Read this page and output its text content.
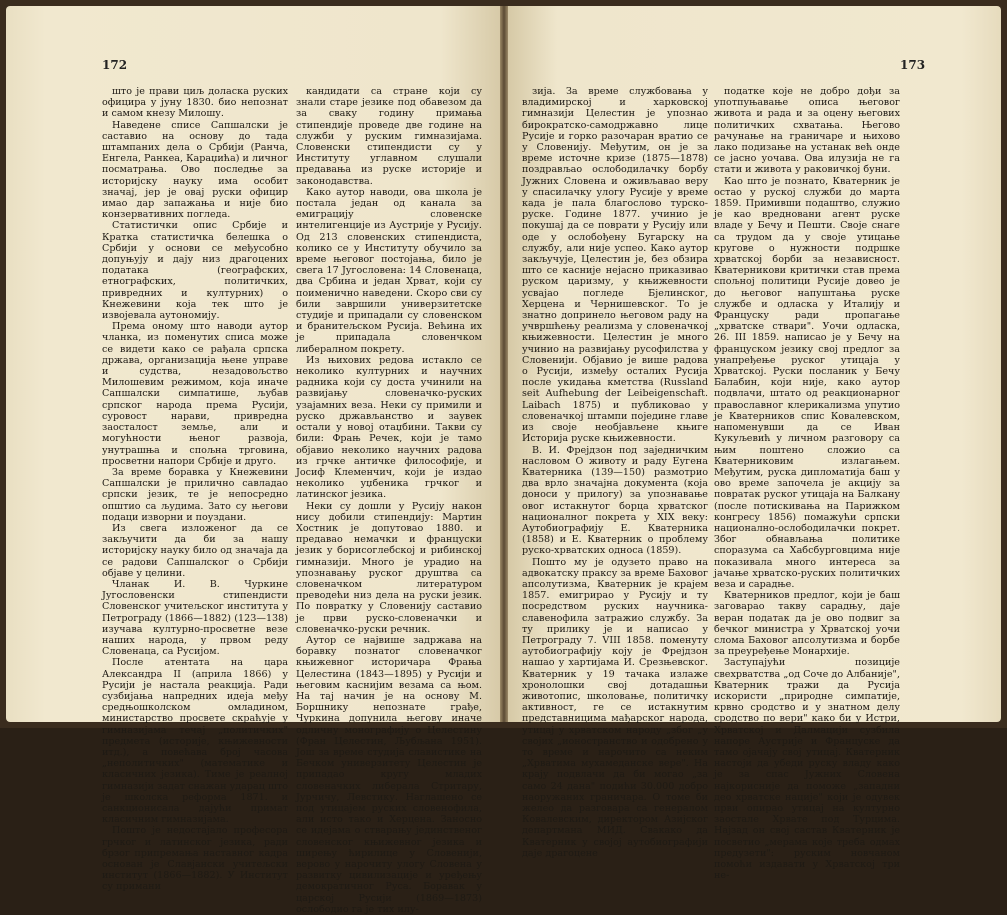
172

што је прави циљ доласка руских официра у јуну 1830. био непознат и самом кнезу Милошу.

Наведене списе Сапшалски је саставио на основу до тада штампаних дела о Србији (Ранча, Енгела, Ранкеа, Караџића) и личног посматрања. Ово последње за историјску науку има особит значај, јер је овај руски официр имао дар запажања и није био конзервативних погледа.

Статистички опис Србије и Кратка статистичка белешка о Србији у основи се међусобно допуњују и дају низ драгоцених података (географских, етнографских, политичких, привредних и културних) о Кнежевини која тек што је извојевала аутономију.

Према оному што наводи аутор чланка, из поменутих списа може се видети како се рађала српска држава, организација њене управе и судства, незадовољство Милошевим режимом, која иначе Сапшалски симпатише, љубав српског народа према Русији, суровост нарави, привредна заосталост земље, али и могућности њеног развоја, унутрашња и спољна трговина, просветни напори Србије и друго.

За време боравка у Кнежевини Сапшалски је прилично савладао српски језик, те је непосредно општио са људима. Зато су његови подаци изворни и поуздани.

Из свега изложеног да се закључити да би за нашу историјску науку било од значаја да се радови Сапшалског о Србији објаве у целини.

Чланак И. В. Чуркине Југословенски стипендисти Словенског учитељског института у Петрограду (1866—1882) (123—138) изучава културно-просветне везе наших народа, у првом реду Словенаца, са Русијом.

После атентата на цара Александра II (априла 1866) у Русији је настала реакција. Ради сузбијања напредних идеја међу средњошколском омладином, министарство просвете скраћује у гимназијама течај „политичких" предмета (историје, књижевности итд.), а повећава број часова „неполитичких" (математике и класичних језика). Тиме је реалној гимназији задат снажан ударац што је школска реформа 1871. и санкционисала дајући примат класичним гимназијама.

Пошто је недостајало професора грчког и латинског језика, ради брзог припремања наставног кадра основан је Славјански учитељски институт (1866—1882). У Институт су примани

кандидати са стране који су знали старе језике под обавезом да за сваку годину примања стипендије проведе две године на служби у руским гимназијама. Словенски стипендисти су у Институту углавном слушали предавања из руске историје и законодавства.

Како аутор наводи, ова школа је постала један од канала за емиграцију словенске интелигенције из Аустрије у Русију. Од 213 словенских стипендиста, колико се у Институту обучило за време његовог постојања, било је свега 17 Југословена: 14 Словенаца, два Србина и један Хрват, који су поименично наведени. Скоро сви су били завршили универзитетске студије и припадали су словенском и бранитељском Русија. Већина их је припадала словенчком либералном покрету.

Из њихових редова истакло се неколико културних и научних радника који су доста учинили на развијању словеначко-руских узајамних веза. Неки су примили и руско држављанство и заувек остали у новој отаџбини. Такви су били: Фрањ Речек, који је тамо објавио неколико научних радова из грчке античке философије, и Јосиф Клеменчич, који је издао неколико уџбеника грчког и латинског језика.

Неки су дошли у Русију након нису добили стипендију: Мартин Хостник је допутовао 1880. и предавао немачки и француски језик у борисоглебској и рибинској гимназији. Много је урадио на упознавању руског друштва са словеначком литературом преводећи низ дела на руски језик. По повратку у Словенију саставио је први руско-словеначки и словеначко-руски речник.

Аутор се највише задржава на боравку познатог словеначког књижевног историчара Фрања Целестина (1843—1895) у Русији и његовим каснијим везама са њом. На тај начин је на основу М. Боршнику непознате грађе, Чуркина допунила његову иначе одличну монографију о Целестину (Фран Целестин, Љубљана 1951). Још за време студија славистике на Бечком универзитету Целестин је припадао кругу младих словеначких либерала Стритару, Јурчичу, Левстику. Наглашено се под утицајем руских словенофила, али исто тако и Херцена. Заносно се идејама о стварању јединственог словенског књижевног језика и ширењу ћирилице у Словенији, верово у нарочиту улогу Словена у развитку цивилизације и уређењу демократичног Руса. Боравак у царској Русији (1869—1873) ослободио га је тих илу-

173

зија. За време службовања у владимирској и харковској гимназији Целестин је упознао бирократско-самодржавно лице Русије и горко разочаран вратио се у Словенију. Међутим, он је за време источне кризе (1875—1878) поздрављао ослободилачку борбу Јужних Словена и оживљавао веру у спасилачку улогу Русије у време када је пала благослово турско-руске. Године 1877. учинио је покушај да се поврати у Русију или оде у ослобођену Бугарску на службу, али није успео. Како аутор закључује, Целестин је, без обзира што се касније нејасно приказивао руском царизму, у књижевности усвајао погледе Бјелинског, Херцена и Чернишевског. То је знатно допринело његовом раду на учвршћењу реализма у словеначкој књижевности. Целестин је много учинио на развијању русофилства у Словенији. Објавио је више радова о Русији, између осталих Русија после укидања кметства (Russland seit Aufhebung der Leibeigenschaft. Laibach 1875) и публиковао у словеначкој штампи поједине главе из своје необјављене књиге Историја руске књижевности.

В. И. Фрејдзон под заједничким насловом О животу и раду Еугена Кватерника (139—150) размотрио два врло значајна документа (која доноси у прилогу) за упознавање овог истакнутог борца хрватског националног покрета у XIX веку: Аутобиографију Е. Кватерника (1858) и Е. Кватерник о проблему руско-хрватских односа (1859).

Пошто му је одузето право на адвокатску праксу за време Баховог апсолутизма, Кватерник је крајем 1857. емигрирао у Русију и ту посредством руских научника-славенофила затражио службу. За ту прилику је и написао у Петрограду 7. VIII 1858. поменуту аутобиографију коју је Фрејдзон нашао у хартијама И. Срезњевског. Кватерник у 19 тачака излаже хронолошки свој дотадашњи животопис, школовање, политичку активност, ге се истакнутим представницима мађарског народа, утицај у хрватском народу „због „у својих „ионостранство и одобрено у то време и нарочито са неким „Хрватима мухамеданске вере". На крају подвлачи да би могао „за само 24 дана" подићи 30.000 добро наоружаних граничара. О томе би желео да разговара са генералом Ковалевским, директором Азијског департмана МИД. Свакако да Кватерник у својој аутобиографији даје драгоцене

податке које не добро дођи за употпуњавање описа његовог живота и рада и за оцену његових политичких схватања. Његово рачунање на граничаре и њихово лако подизање на устанак већ онде се јасно уочава. Ова илузија не га стати и живота у раковичкој буни.

Као што је познато, Кватерник је остао у руској служби до марта 1859. Примивши подаштво, служио је као вредновани агент руске владе у Бечу и Пешти. Своје снаге са трудом да у своје утицање кругове о нужности подршке хрватској борби за независност. Кватерникови критички став према спољној политици Русије довео је до његовог напуштања руске службе и одласка у Италију и Француску ради пропагање „хрватске ствари". Уочи одласка, 26. III 1859. написао је у Бечу на француском језику свој предлог за унапређење руског утицаја у Хрватској. Руски посланик у Бечу Балабин, који није, како аутор подвлачи, штато од реакционарног православног клерикализма упутио је Кватерников спис Ковалевском, напоменувши да се Иван Кукуљевић у личном разговору са њим поштено сложио са Кватерниковим излагањем. Међутим, руска дипломатија баш у ово време започела је акцију за повратак руског утицаја на Балкану (после потискивања на Парижком конгресу 1856) помажући српски национално-ослободилачки покрет. Због обнављања политике споразума са Хабсбурговцима није показивала много интереса за јачање хрватско-руских политичких веза и сарадње.

Кватерников предлог, који је баш заговарао такву сарадњу, даје веран податак да је ово подвиг за бечког министра у Хрватској уочи слома Баховог апсолутизма и борбе за преуређење Монархије.

Заступајући позиције свехрватства „од Соче до Албаније", Кватерник тражи да Русија искористи „природне симпатије, крвно сродство и у знатном делу сродство по вери" како би у Истри, Хрватској и Далмацији сузбила напоре Аустрије и Француске да тамо ојачају свој утицај. Кватерник настоји да убеди руску владу како је за спас Јужних Словена најкорисније да поможе „западни део хрватске нације" који је одувек први опирао утицај на културно заостале Хрвате под Турцима. Најзад он свој састав Кватерник је посветио „мерама које треба одмах предузети": руским новчаном помоћи издавати у Хрватској три не-
